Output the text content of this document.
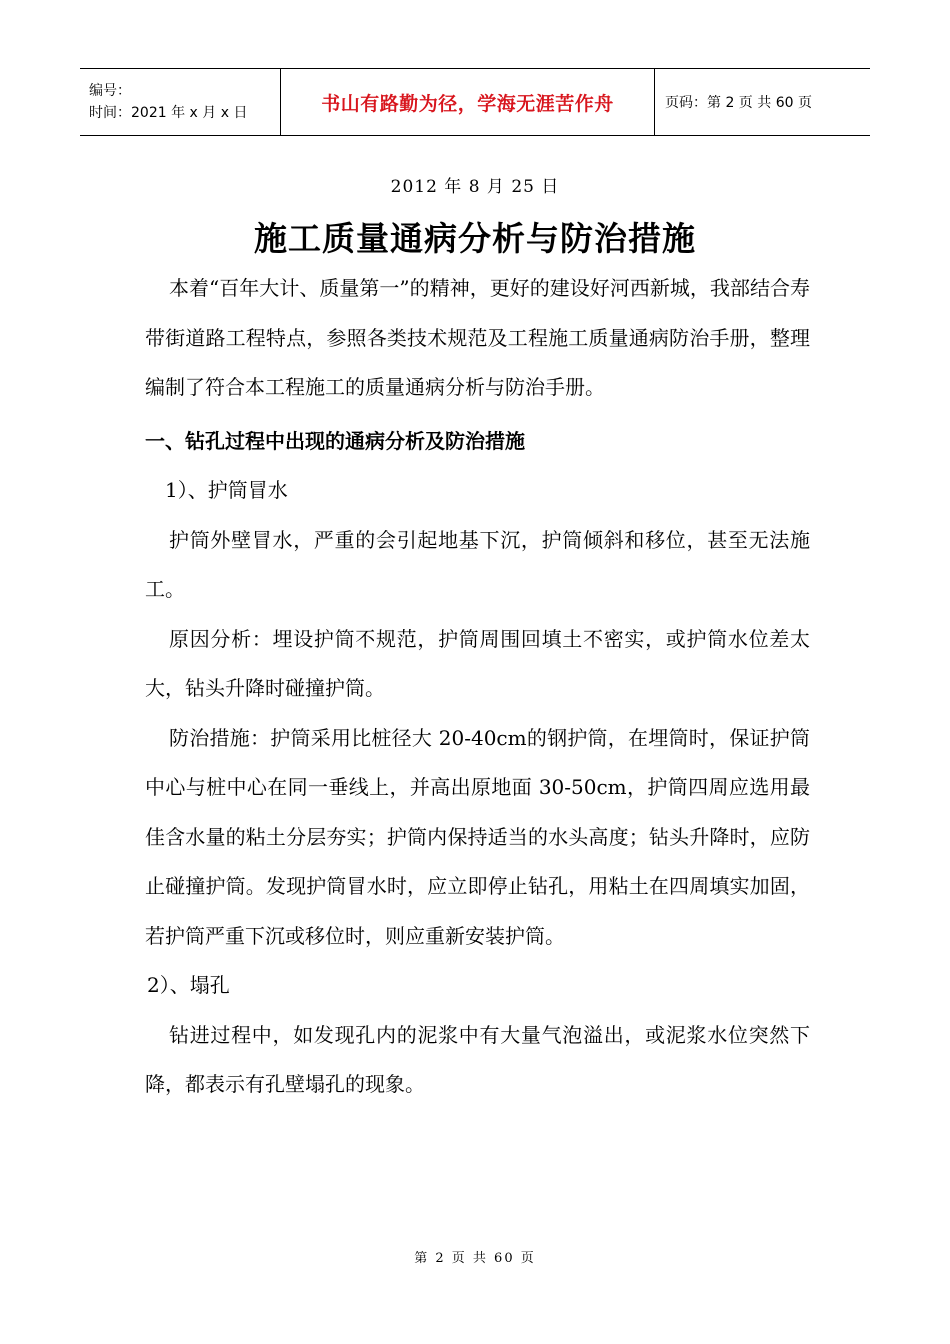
编号：
时间：2021 年 x 月 x 日	书山有路勤为径，学海无涯苦作舟	页码：第 2 页 共 60 页
2012 年 8 月 25 日
施工质量通病分析与防治措施

本着“百年大计、质量第一”的精神，更好的建设好河西新城，我部结合寿带街道路工程特点，参照各类技术规范及工程施工质量通病防治手册，整理编制了符合本工程施工的质量通病分析与防治手册。

一、钻孔过程中出现的通病分析及防治措施

1）、护筒冒水

护筒外壁冒水，严重的会引起地基下沉，护筒倾斜和移位，甚至无法施工。

原因分析：埋设护筒不规范，护筒周围回填土不密实，或护筒水位差太大，钻头升降时碰撞护筒。

防治措施：护筒采用比桩径大 20-40cm的钢护筒，在埋筒时，保证护筒中心与桩中心在同一垂线上，并高出原地面 30-50cm，护筒四周应选用最佳含水量的粘土分层夯实；护筒内保持适当的水头高度；钻头升降时，应防止碰撞护筒。发现护筒冒水时，应立即停止钻孔，用粘土在四周填实加固，若护筒严重下沉或移位时，则应重新安装护筒。

2）、塌孔

钻进过程中，如发现孔内的泥浆中有大量气泡溢出，或泥浆水位突然下降，都表示有孔壁塌孔的现象。

第 2 页 共 60 页
